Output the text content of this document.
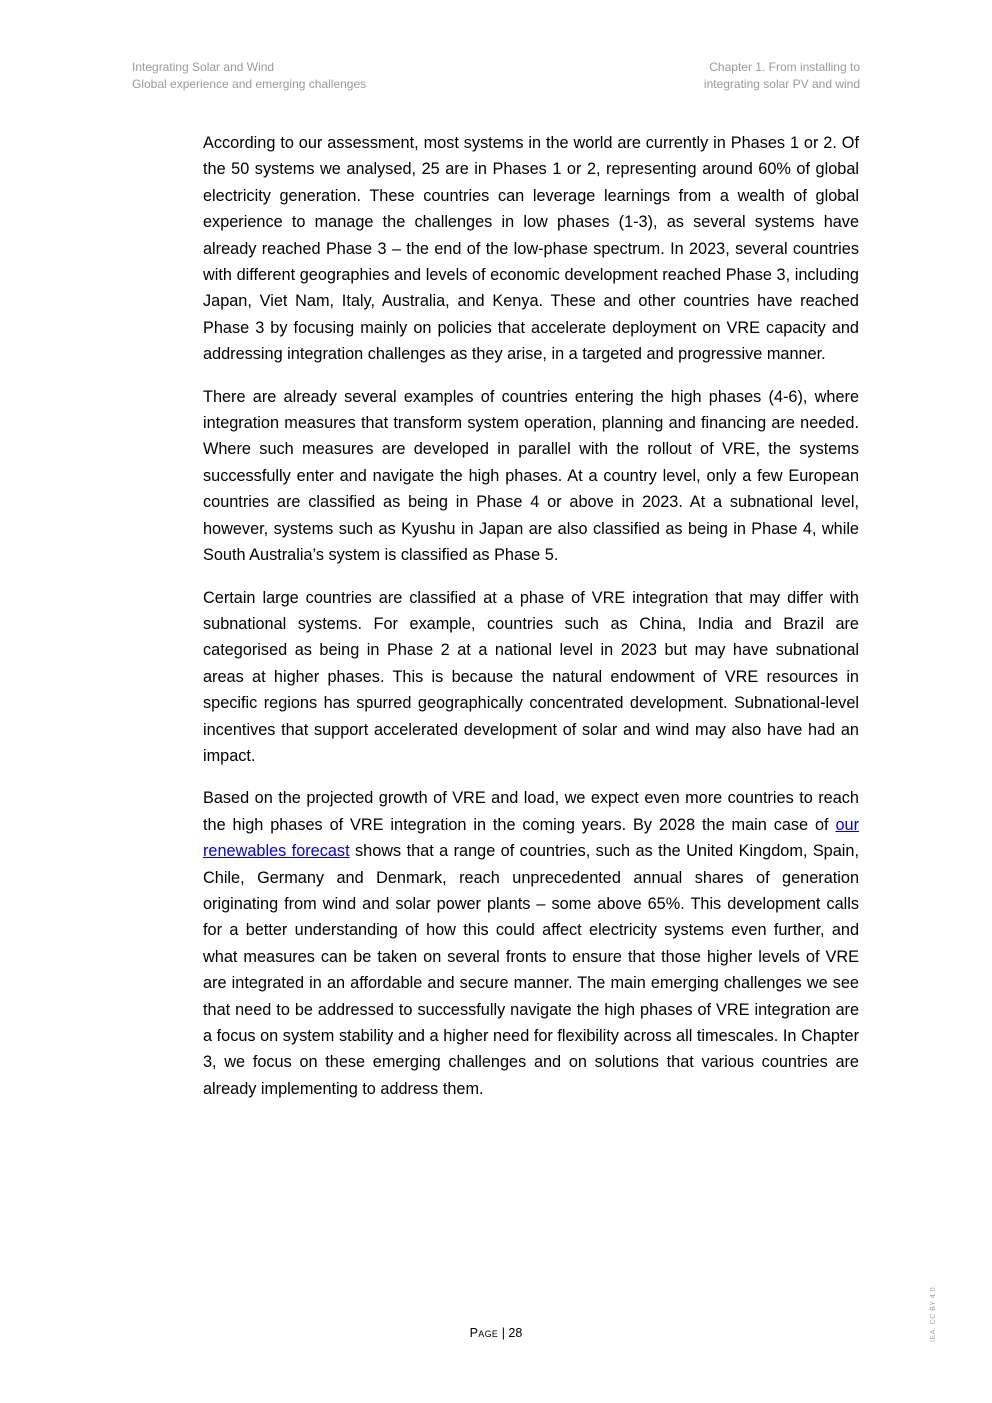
Integrating Solar and Wind
Global experience and emerging challenges
Chapter 1. From installing to
integrating solar PV and wind

According to our assessment, most systems in the world are currently in Phases 1 or 2. Of the 50 systems we analysed, 25 are in Phases 1 or 2, representing around 60% of global electricity generation. These countries can leverage learnings from a wealth of global experience to manage the challenges in low phases (1-3), as several systems have already reached Phase 3 – the end of the low-phase spectrum. In 2023, several countries with different geographies and levels of economic development reached Phase 3, including Japan, Viet Nam, Italy, Australia, and Kenya. These and other countries have reached Phase 3 by focusing mainly on policies that accelerate deployment on VRE capacity and addressing integration challenges as they arise, in a targeted and progressive manner.

There are already several examples of countries entering the high phases (4-6), where integration measures that transform system operation, planning and financing are needed. Where such measures are developed in parallel with the rollout of VRE, the systems successfully enter and navigate the high phases. At a country level, only a few European countries are classified as being in Phase 4 or above in 2023. At a subnational level, however, systems such as Kyushu in Japan are also classified as being in Phase 4, while South Australia’s system is classified as Phase 5.

Certain large countries are classified at a phase of VRE integration that may differ with subnational systems. For example, countries such as China, India and Brazil are categorised as being in Phase 2 at a national level in 2023 but may have subnational areas at higher phases. This is because the natural endowment of VRE resources in specific regions has spurred geographically concentrated development. Subnational-level incentives that support accelerated development of solar and wind may also have had an impact.

Based on the projected growth of VRE and load, we expect even more countries to reach the high phases of VRE integration in the coming years. By 2028 the main case of our renewables forecast shows that a range of countries, such as the United Kingdom, Spain, Chile, Germany and Denmark, reach unprecedented annual shares of generation originating from wind and solar power plants – some above 65%. This development calls for a better understanding of how this could affect electricity systems even further, and what measures can be taken on several fronts to ensure that those higher levels of VRE are integrated in an affordable and secure manner. The main emerging challenges we see that need to be addressed to successfully navigate the high phases of VRE integration are a focus on system stability and a higher need for flexibility across all timescales. In Chapter 3, we focus on these emerging challenges and on solutions that various countries are already implementing to address them.

Page | 28	IEA. CC BY 4.0.
